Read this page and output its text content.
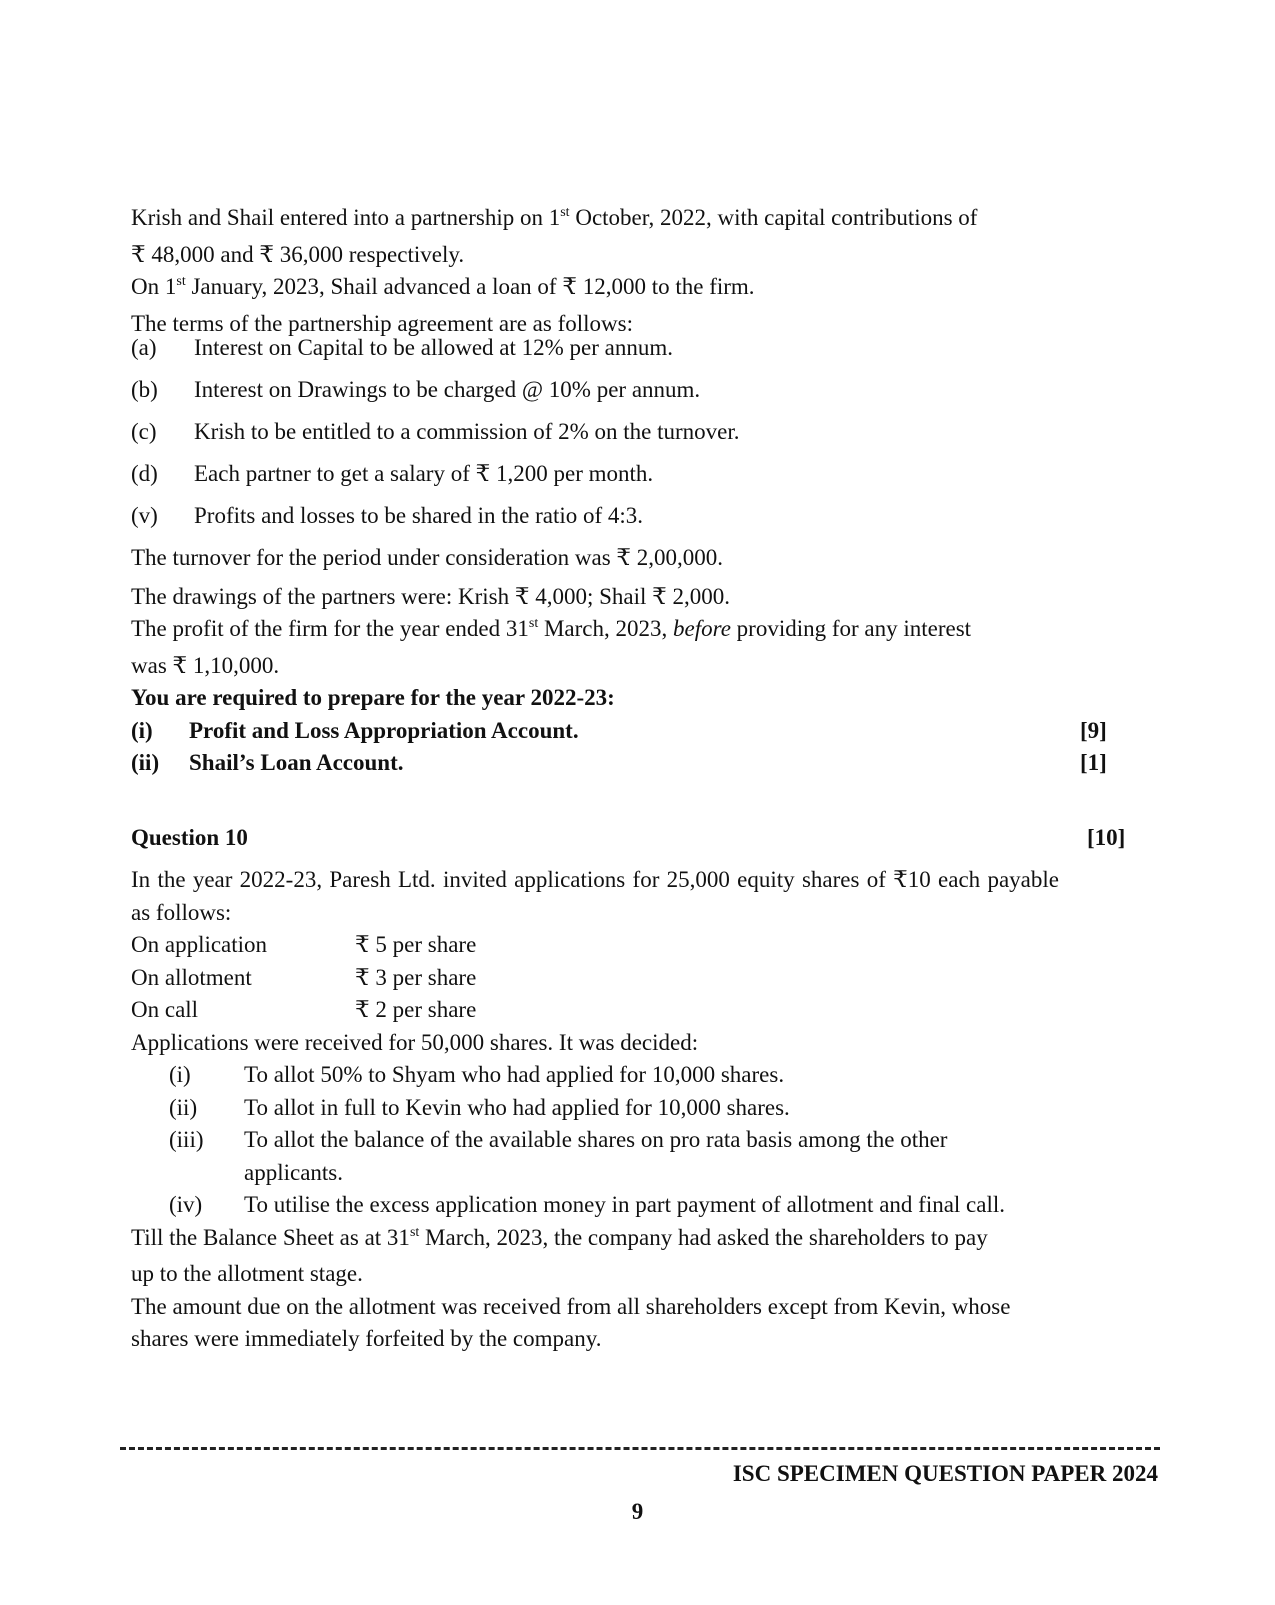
Krish and Shail entered into a partnership on 1st October, 2022, with capital contributions of
₹ 48,000 and ₹ 36,000 respectively.
On 1st January, 2023, Shail advanced a loan of ₹ 12,000 to the firm.
The terms of the partnership agreement are as follows:
(a) Interest on Capital to be allowed at 12% per annum.
(b) Interest on Drawings to be charged @ 10% per annum.
(c) Krish to be entitled to a commission of 2% on the turnover.
(d) Each partner to get a salary of ₹ 1,200 per month.
(v) Profits and losses to be shared in the ratio of 4:3.
The turnover for the period under consideration was ₹ 2,00,000.
The drawings of the partners were: Krish ₹ 4,000; Shail ₹ 2,000.
The profit of the firm for the year ended 31st March, 2023, before providing for any interest
was ₹ 1,10,000.
You are required to prepare for the year 2022-23:
(i) Profit and Loss Appropriation Account.	[9]
(ii) Shail’s Loan Account.	[1]
Question 10	[10]
In the year 2022-23, Paresh Ltd. invited applications for 25,000 equity shares of ₹10 each payable as follows:
On application	₹ 5 per share
On allotment	₹ 3 per share
On call	₹ 2 per share
Applications were received for 50,000 shares. It was decided:
(i) To allot 50% to Shyam who had applied for 10,000 shares.
(ii) To allot in full to Kevin who had applied for 10,000 shares.
(iii) To allot the balance of the available shares on pro rata basis among the other applicants.
(iv) To utilise the excess application money in part payment of allotment and final call.
Till the Balance Sheet as at 31st March, 2023, the company had asked the shareholders to pay
up to the allotment stage.
The amount due on the allotment was received from all shareholders except from Kevin, whose
shares were immediately forfeited by the company.
ISC SPECIMEN QUESTION PAPER 2024
9
